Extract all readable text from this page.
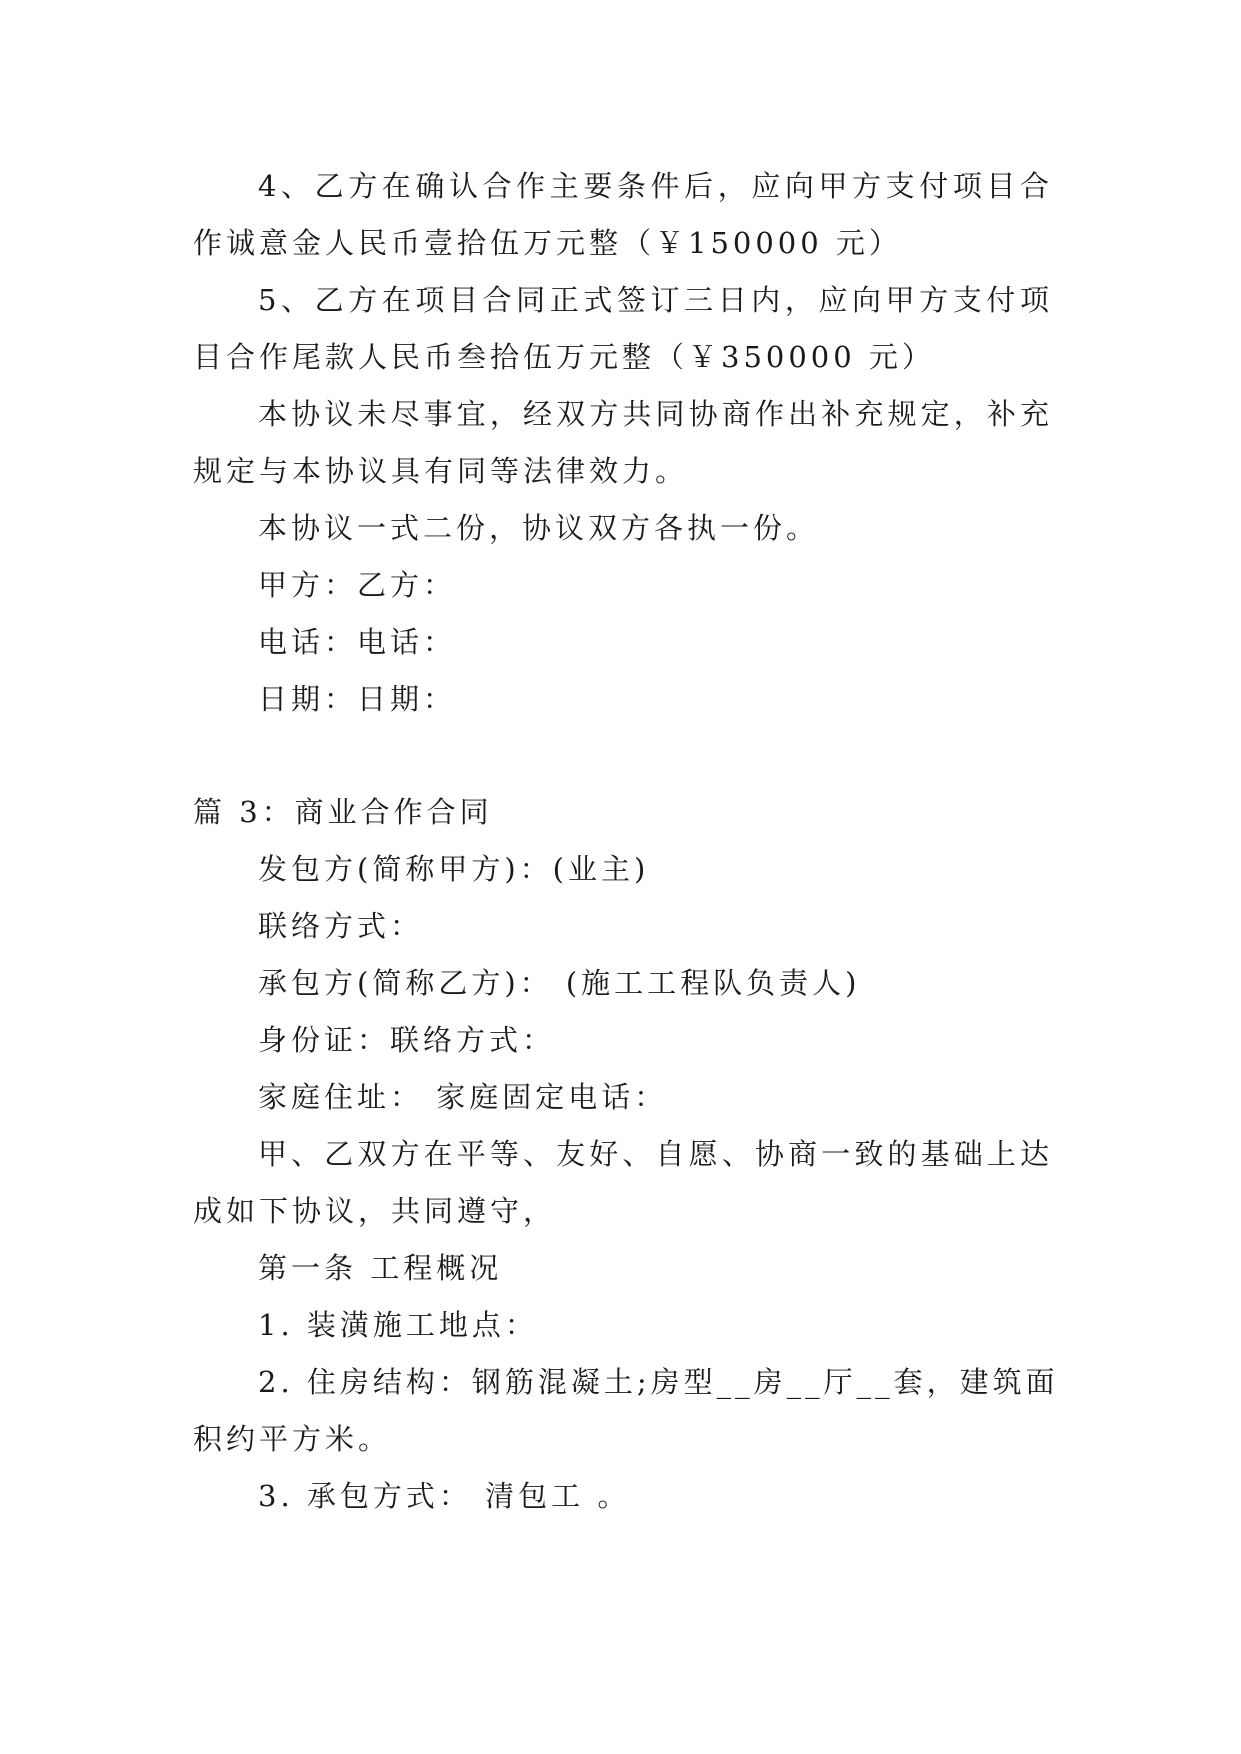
4、乙方在确认合作主要条件后，应向甲方支付项目合
作诚意金人民币壹拾伍万元整（￥150000 元）
5、乙方在项目合同正式签订三日内，应向甲方支付项
目合作尾款人民币叁拾伍万元整（￥350000 元）
本协议未尽事宜，经双方共同协商作出补充规定，补充
规定与本协议具有同等法律效力。
本协议一式二份，协议双方各执一份。
甲方：乙方：
电话：电话：
日期：日期：
篇 3：商业合作合同
发包方(简称甲方)：(业主)
联络方式：
承包方(简称乙方)： (施工工程队负责人)
身份证：联络方式：
家庭住址： 家庭固定电话：
甲、乙双方在平等、友好、自愿、协商一致的基础上达
成如下协议，共同遵守，
第一条 工程概况
1. 装潢施工地点：
2. 住房结构：钢筋混凝土;房型__房__厅__套，建筑面
积约平方米。
3. 承包方式： 清包工 。
